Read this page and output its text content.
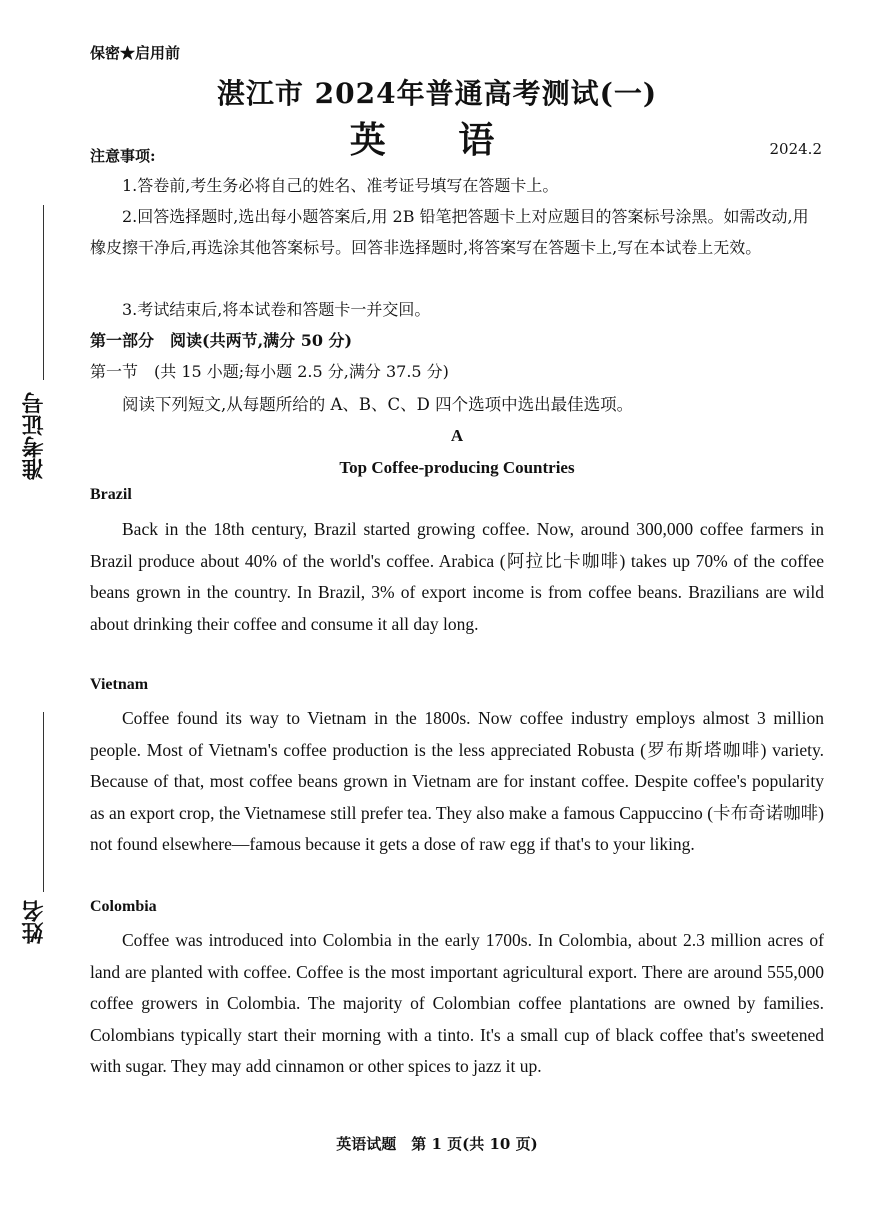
准考证号
姓名
保密★启用前
湛江市 2024年普通高考测试(一)
英 语	2024.2
注意事项:
1.答卷前,考生务必将自己的姓名、准考证号填写在答题卡上。
2.回答选择题时,选出每小题答案后,用 2B 铅笔把答题卡上对应题目的答案标号涂黑。如需改动,用橡皮擦干净后,再选涂其他答案标号。回答非选择题时,将答案写在答题卡上,写在本试卷上无效。
3.考试结束后,将本试卷和答题卡一并交回。
第一部分　阅读(共两节,满分 50 分)
第一节　(共 15 小题;每小题 2.5 分,满分 37.5 分)
阅读下列短文,从每题所给的 A、B、C、D 四个选项中选出最佳选项。
A
Top Coffee-producing Countries
Brazil
Back in the 18th century, Brazil started growing coffee. Now, around 300,000 coffee farmers in Brazil produce about 40% of the world's coffee. Arabica (阿拉比卡咖啡) takes up 70% of the coffee beans grown in the country. In Brazil, 3% of export income is from coffee beans. Brazilians are wild about drinking their coffee and consume it all day long.
Vietnam
Coffee found its way to Vietnam in the 1800s. Now coffee industry employs almost 3 million people. Most of Vietnam's coffee production is the less appreciated Robusta (罗布斯塔咖啡) variety. Because of that, most coffee beans grown in Vietnam are for instant coffee. Despite coffee's popularity as an export crop, the Vietnamese still prefer tea. They also make a famous Cappuccino (卡布奇诺咖啡) not found elsewhere—famous because it gets a dose of raw egg if that's to your liking.
Colombia
Coffee was introduced into Colombia in the early 1700s. In Colombia, about 2.3 million acres of land are planted with coffee. Coffee is the most important agricultural export. There are around 555,000 coffee growers in Colombia. The majority of Colombian coffee plantations are owned by families. Colombians typically start their morning with a tinto. It's a small cup of black coffee that's sweetened with sugar. They may add cinnamon or other spices to jazz it up.
英语试题　第 1 页(共 10 页)
